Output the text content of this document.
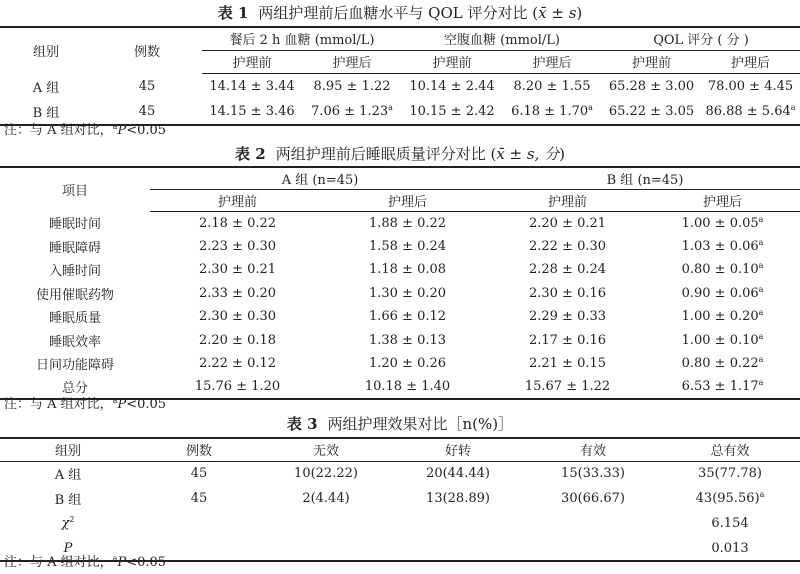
表 1 两组护理前后血糖水平与 QOL 评分对比 (x̄ ± s)
组别	例数	餐后 2 h 血糖 (mmol/L)		空腹血糖 (mmol/L)		QOL 评分 ( 分 )	
		护理前	护理后	护理前	护理后	护理前	护理后
A 组	45	14.14 ± 3.44	8.95 ± 1.22	10.14 ± 2.44	8.20 ± 1.55	65.28 ± 3.00	78.00 ± 4.45
B 组	45	14.15 ± 3.46	7.06 ± 1.23$^a$	10.15 ± 2.42	6.18 ± 1.70$^a$	65.22 ± 3.05	86.88 ± 5.64$^a$
注：与 A 组对比，$^a$P<0.05
表 2 两组护理前后睡眠质量评分对比 (x̄ ± s, 分)
项目	A 组 (n=45)		B 组 (n=45)	
	护理前	护理后	护理前	护理后
睡眠时间	2.18 ± 0.22	1.88 ± 0.22	2.20 ± 0.21	1.00 ± 0.05$^a$
睡眠障碍	2.23 ± 0.30	1.58 ± 0.24	2.22 ± 0.30	1.03 ± 0.06$^a$
入睡时间	2.30 ± 0.21	1.18 ± 0.08	2.28 ± 0.24	0.80 ± 0.10$^a$
使用催眠药物	2.33 ± 0.20	1.30 ± 0.20	2.30 ± 0.16	0.90 ± 0.06$^a$
睡眠质量	2.30 ± 0.30	1.66 ± 0.12	2.29 ± 0.33	1.00 ± 0.20$^a$
睡眠效率	2.20 ± 0.18	1.38 ± 0.13	2.17 ± 0.16	1.00 ± 0.10$^a$
日间功能障碍	2.22 ± 0.12	1.20 ± 0.26	2.21 ± 0.15	0.80 ± 0.22$^a$
总分	15.76 ± 1.20	10.18 ± 1.40	15.67 ± 1.22	6.53 ± 1.17$^a$
注：与 A 组对比，$^a$P<0.05
表 3 两组护理效果对比［n(%)］
组别	例数	无效	好转	有效	总有效
A 组	45	10(22.22)	20(44.44)	15(33.33)	35(77.78)
B 组	45	2(4.44)	13(28.89)	30(66.67)	$43(95.56)^a$
$\chi^2$					6.154
P					0.013
注：与 A 组对比，$^a$P<0.05
